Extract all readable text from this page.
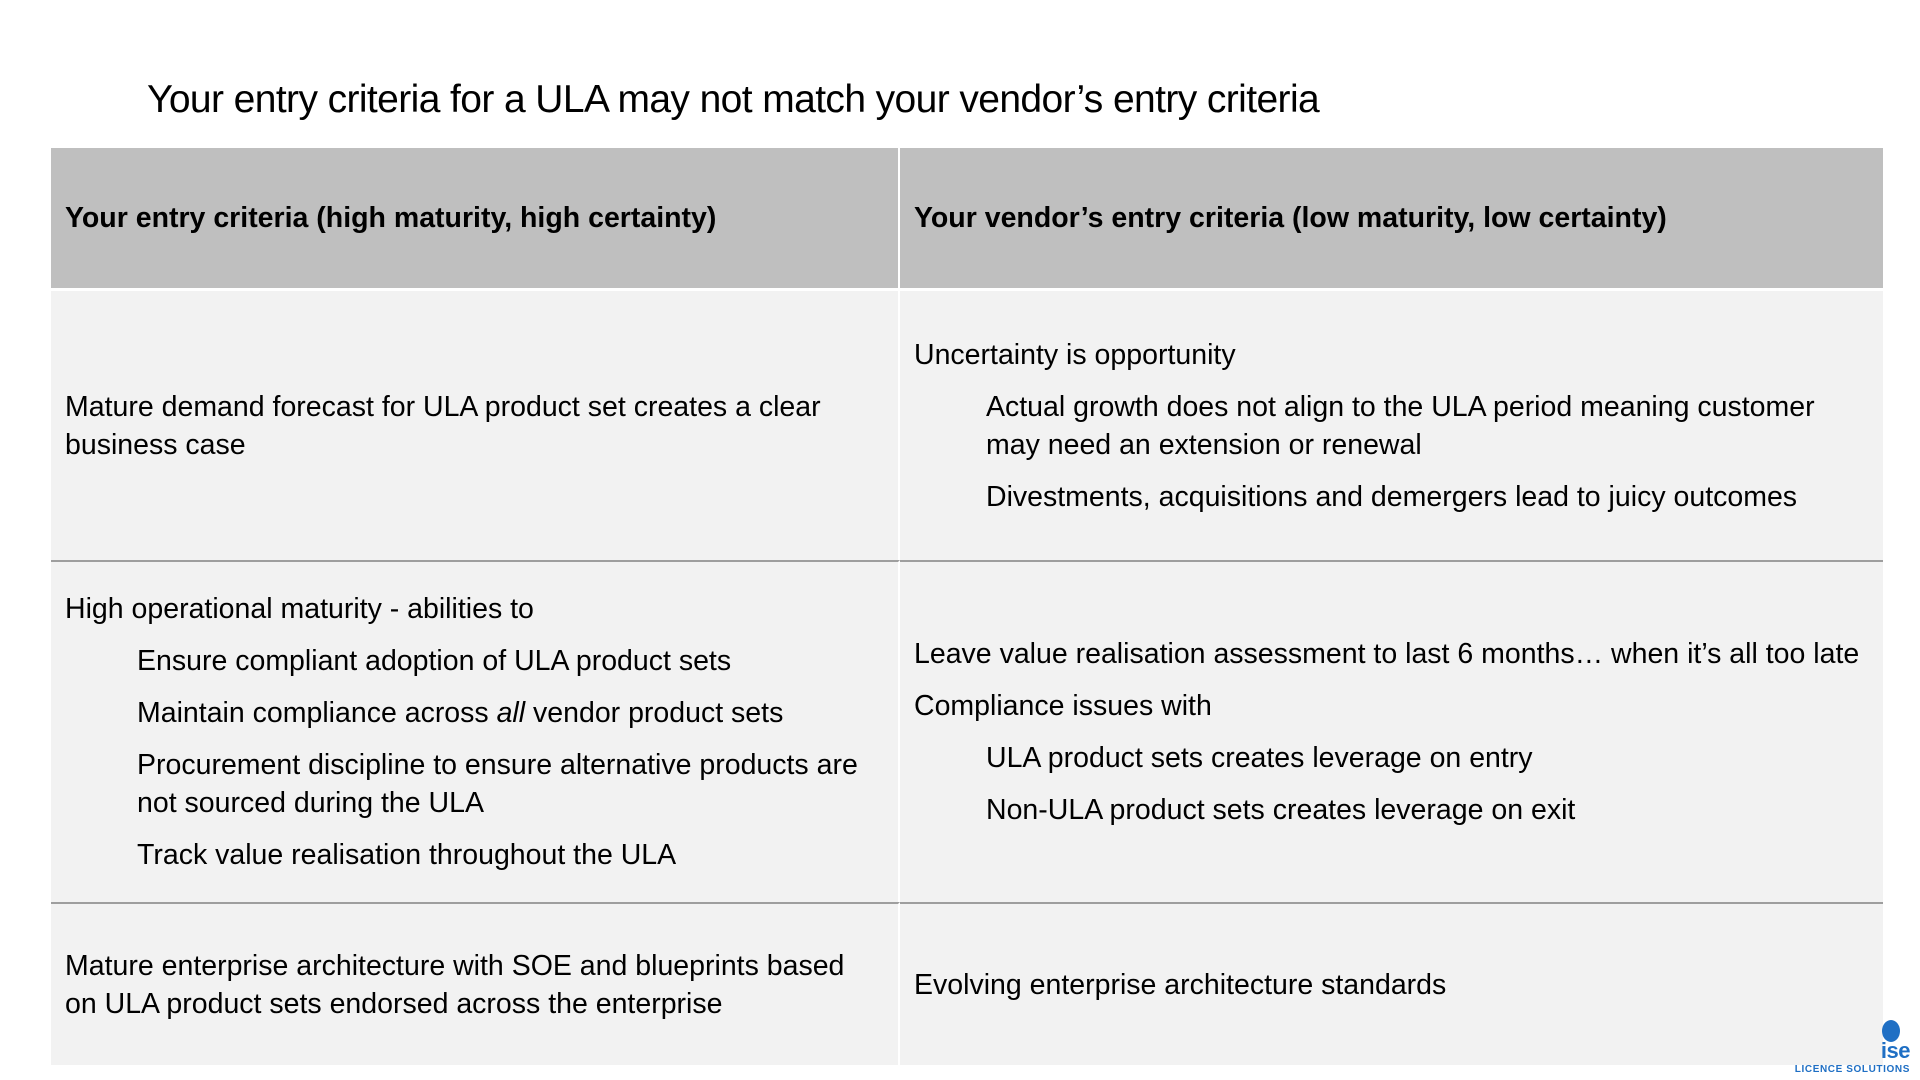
Your entry criteria for a ULA may not match your vendor’s entry criteria
Your entry criteria (high maturity, high certainty)	Your vendor’s entry criteria (low maturity, low certainty)
Mature demand forecast for ULA product set creates a clear business case
Uncertainty is opportunity
Actual growth does not align to the ULA period meaning customer may need an extension or renewal
Divestments, acquisitions and demergers lead to juicy outcomes
High operational maturity - abilities to
Ensure compliant adoption of ULA product sets
Maintain compliance across all vendor product sets
Procurement discipline to ensure alternative products are not sourced during the ULA
Track value realisation throughout the ULA
Leave value realisation assessment to last 6 months… when it’s all too late
Compliance issues with
ULA product sets creates leverage on entry
Non-ULA product sets creates leverage on exit
Mature enterprise architecture with SOE and blueprints based on ULA product sets endorsed across the enterprise
Evolving enterprise architecture standards
ise
LICENCE SOLUTIONS
